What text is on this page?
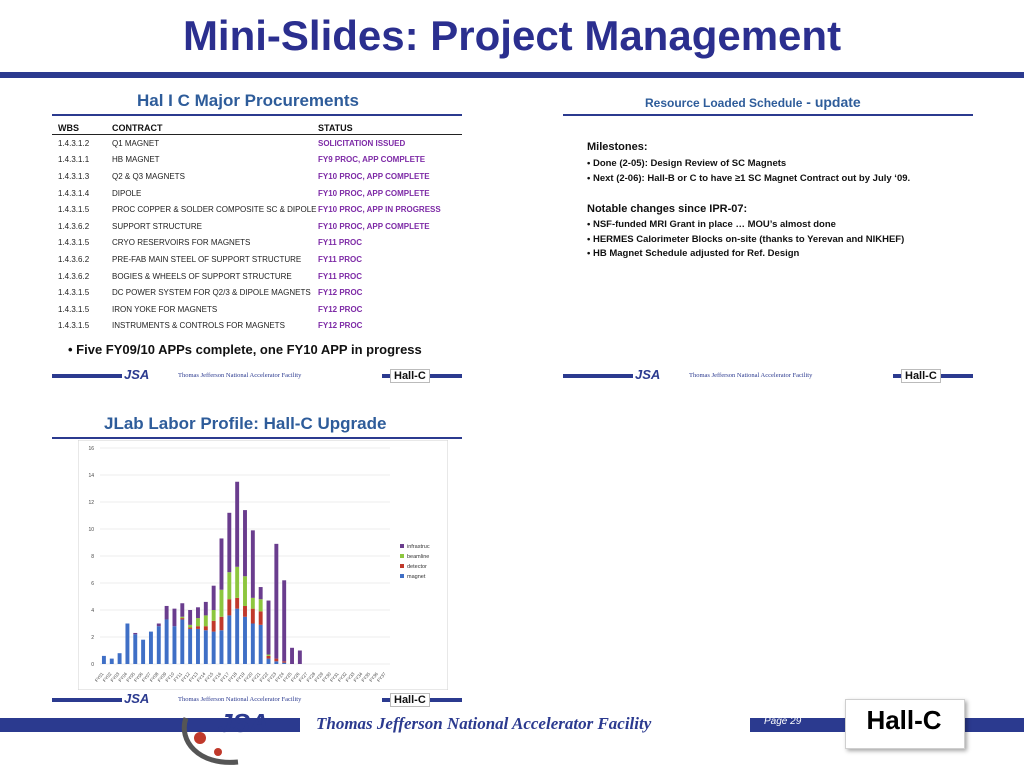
Mini-Slides: Project Management
Hal I C Major Procurements
WBS	CONTRACT	STATUS
1.4.3.1.2	Q1 MAGNET	SOLICITATION ISSUED
1.4.3.1.1	HB MAGNET	FY9 PROC, APP COMPLETE
1.4.3.1.3	Q2 & Q3 MAGNETS	FY10 PROC, APP COMPLETE
1.4.3.1.4	DIPOLE	FY10 PROC, APP COMPLETE
1.4.3.1.5	PROC COPPER & SOLDER COMPOSITE SC & DIPOLE	FY10 PROC, APP IN PROGRESS
1.4.3.6.2	SUPPORT STRUCTURE	FY10 PROC, APP COMPLETE
1.4.3.1.5	CRYO RESERVOIRS FOR MAGNETS	FY11 PROC
1.4.3.6.2	PRE-FAB MAIN STEEL OF SUPPORT STRUCTURE	FY11 PROC
1.4.3.6.2	BOGIES & WHEELS OF SUPPORT STRUCTURE	FY11 PROC
1.4.3.1.5	DC POWER SYSTEM FOR Q2/3 & DIPOLE MAGNETS	FY12 PROC
1.4.3.1.5	IRON YOKE FOR MAGNETS	FY12 PROC
1.4.3.1.5	INSTRUMENTS & CONTROLS FOR MAGNETS	FY12 PROC
• Five FY09/10 APPs complete, one FY10 APP in progress
JSA	Thomas Jefferson National Accelerator Facility	Hall-C
Resource Loaded Schedule - update
Milestones:
• Done (2-05): Design Review of SC Magnets
• Next (2-06): Hall-B or C to have ≥1 SC Magnet Contract out by July ‘09.
Notable changes since IPR-07:
• NSF-funded MRI Grant in place … MOU’s almost done
• HERMES Calorimeter Blocks on-site (thanks to Yerevan and NIKHEF)
• HB Magnet Schedule adjusted for Ref. Design
JSA	Thomas Jefferson National Accelerator Facility	Hall-C
JLab Labor Profile: Hall-C Upgrade
0
2
4
6
8
10
12
14
16
FY01
FY02
FY03
FY04
FY05
FY06
FY07
FY08
FY09
FY10
FY11
FY12
FY13
FY14
FY15
FY16
FY17
FY18
FY19
FY20
FY21
FY22
FY23
FY24
FY25
FY26
FY27
FY28
FY29
FY30
FY31
FY32
FY33
FY34
FY35
FY36
FY37
infrastruc
beamline
detector
magnet
JSA	Thomas Jefferson National Accelerator Facility	Hall-C
JSA	Thomas Jefferson National Accelerator Facility	Page 29	Hall-C
